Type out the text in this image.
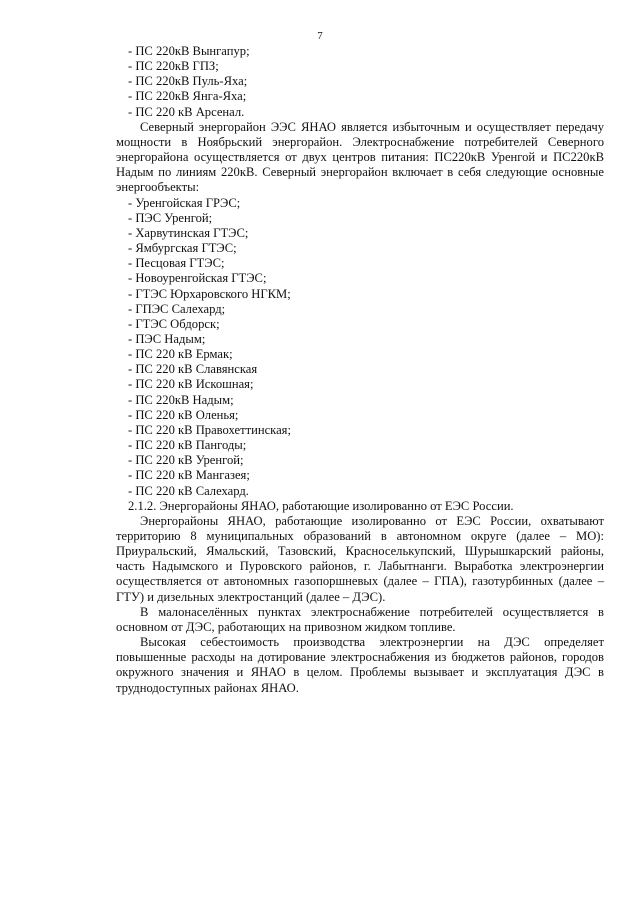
7
- ПС 220кВ Вынгапур;
- ПС 220кВ ГПЗ;
- ПС 220кВ Пуль-Яха;
- ПС 220кВ Янга-Яха;
- ПС 220 кВ Арсенал.

Северный энергорайон ЭЭС ЯНАО является избыточным и осуществляет передачу мощности в Ноябрьский энергорайон. Электроснабжение потребителей Северного энергорайона осуществляется от двух центров питания: ПС220кВ Уренгой и ПС220кВ Надым по линиям 220кВ. Северный энергорайон включает в себя следующие основные энергообъекты:

- Уренгойская ГРЭС;
- ПЭС Уренгой;
- Харвутинская ГТЭС;
- Ямбургская ГТЭС;
- Песцовая ГТЭС;
- Новоуренгойская ГТЭС;
- ГТЭС Юрхаровского НГКМ;
- ГПЭС Салехард;
- ГТЭС Обдорск;
- ПЭС Надым;
- ПС 220 кВ Ермак;
- ПС 220 кВ Славянская
- ПС 220 кВ Искошная;
- ПС 220кВ Надым;
- ПС 220 кВ Оленья;
- ПС 220 кВ Правохеттинская;
- ПС 220 кВ Пангоды;
- ПС 220 кВ Уренгой;
- ПС 220 кВ Мангазея;
- ПС 220 кВ Салехард.

2.1.2. Энергорайоны ЯНАО, работающие изолированно от ЕЭС России.

Энергорайоны ЯНАО, работающие изолированно от ЕЭС России, охватывают территорию 8 муниципальных образований в автономном округе (далее – МО): Приуральский, Ямальский, Тазовский, Красноселькупский, Шурышкарский районы, часть Надымского и Пуровского районов, г. Лабытнанги. Выработка электроэнергии осуществляется от автономных газопоршневых (далее – ГПА), газотурбинных (далее – ГТУ) и дизельных электростанций (далее – ДЭС).

В малонаселённых пунктах электроснабжение потребителей осуществляется в основном от ДЭС, работающих на привозном жидком топливе.

Высокая себестоимость производства электроэнергии на ДЭС определяет повышенные расходы на дотирование электроснабжения из бюджетов районов, городов окружного значения и ЯНАО в целом. Проблемы вызывает и эксплуатация ДЭС в труднодоступных районах ЯНАО.
